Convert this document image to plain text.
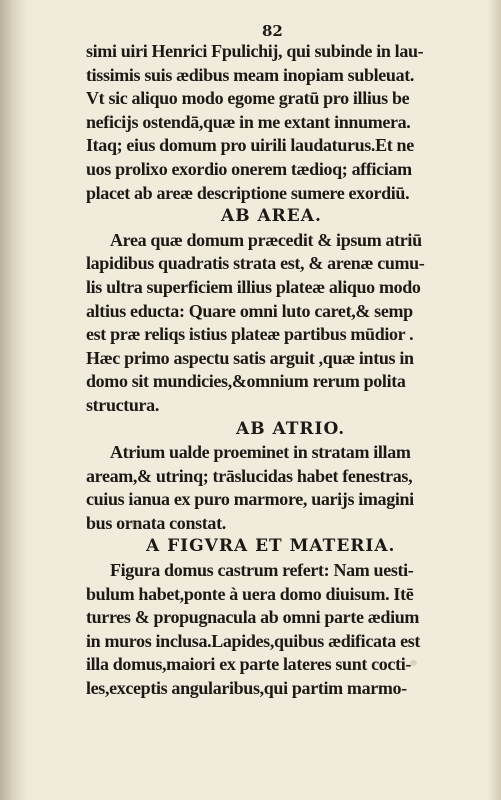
82
simi uiri Henrici Fpulichij, qui subinde in lau-
tissimis suis ædibus meam inopiam subleuat.
Vt sic aliquo modo egome gratū pro illius be
neficijs ostendā,quæ in me extant innumera.
Itaq; eius domum pro uirili laudaturus.Et ne
uos prolixo exordio onerem tædioq; afficiam
placet ab areæ descriptione sumere exordiū.
AB AREA.
Area quæ domum præcedit & ipsum atriū
lapidibus quadratis strata est, & arenæ cumu-
lis ultra superficiem illius plateæ aliquo modo
altius educta: Quare omni luto caret,& semp
est præ reliqs istius plateæ partibus mūdior .
Hæc primo aspectu satis arguit ,quæ intus in
domo sit mundicies,&omnium rerum polita
structura.
AB ATRIO.
Atrium ualde proeminet in stratam illam
aream,& utrinq; trāslucidas habet fenestras,
cuius ianua ex puro marmore, uarijs imagini
bus ornata constat.
A FIGVRA ET MATERIA.
Figura domus castrum refert: Nam uesti-
bulum habet,ponte à uera domo diuisum. Itē
turres & propugnacula ab omni parte ædium
in muros inclusa.Lapides,quibus ædificata est
illa domus,maiori ex parte lateres sunt cocti-
les,exceptis angularibus,qui partim marmo-
